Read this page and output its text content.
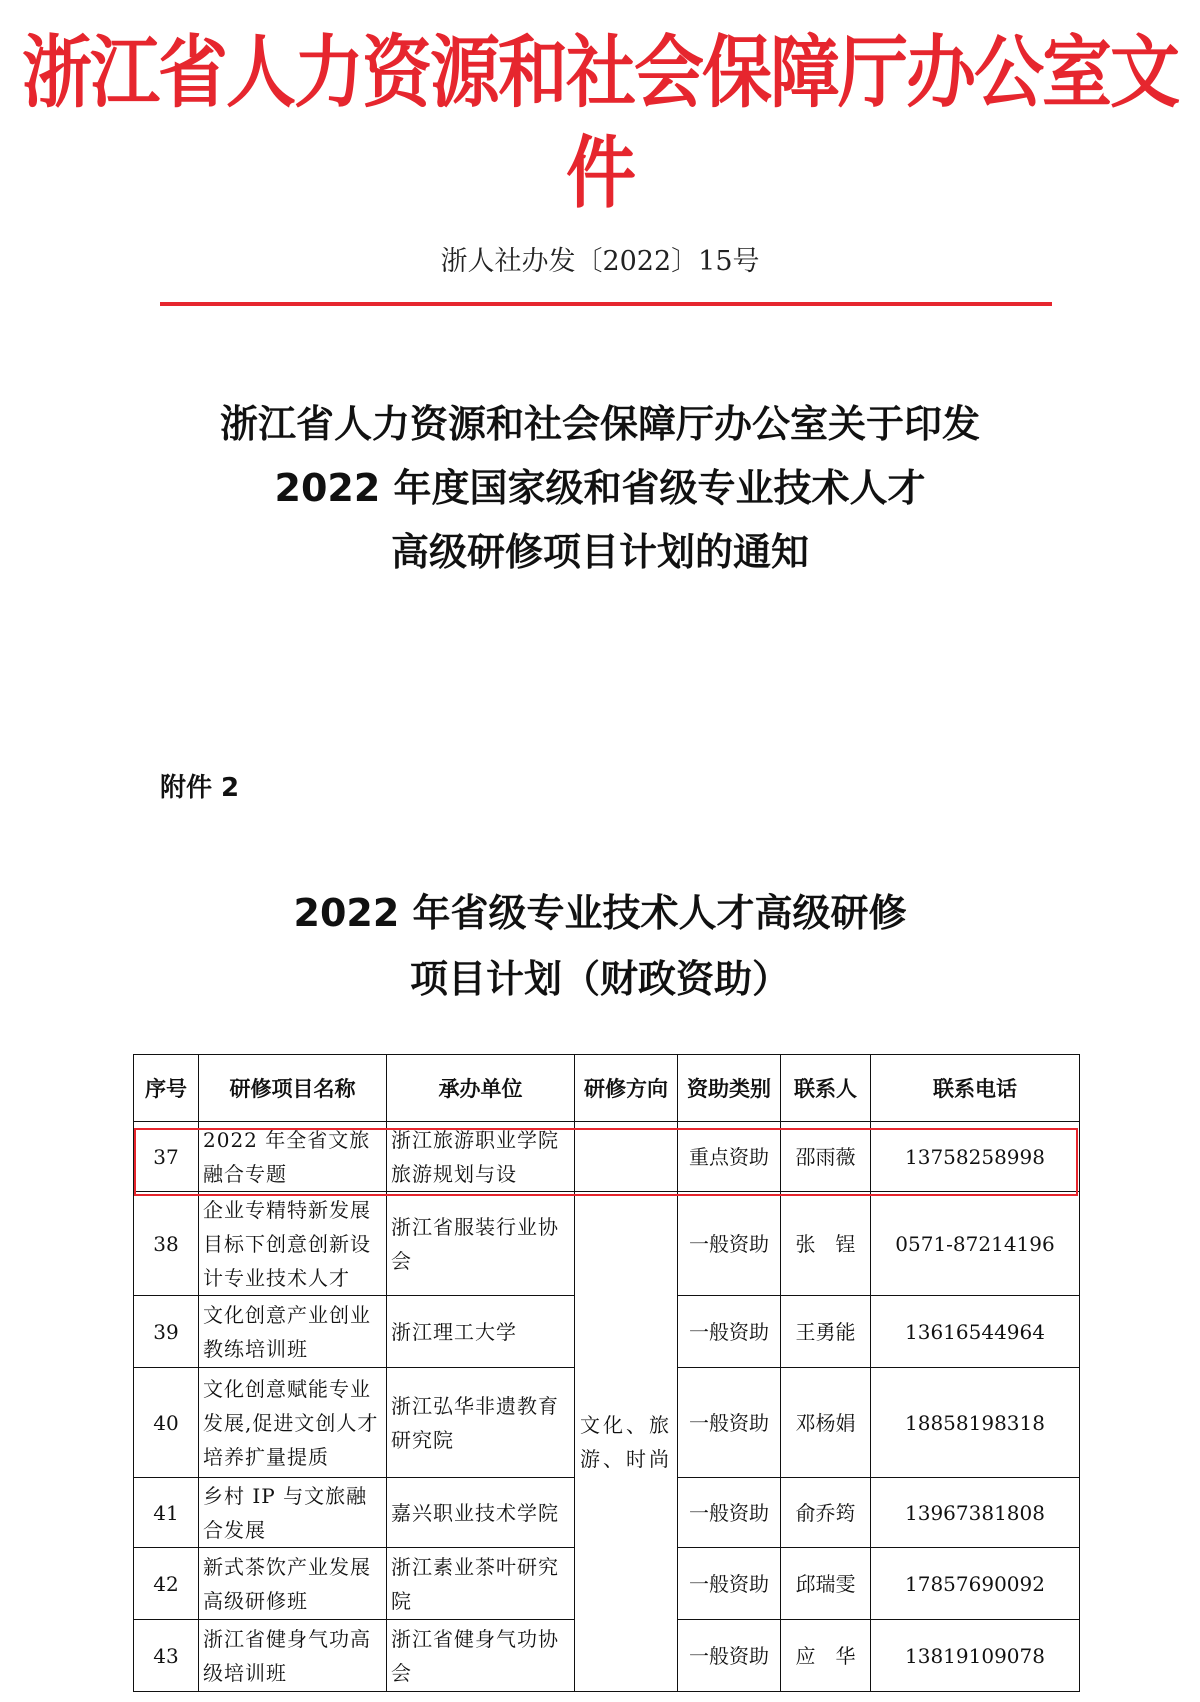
浙江省人力资源和社会保障厅办公室文件
浙人社办发〔2022〕15号
浙江省人力资源和社会保障厅办公室关于印发
2022 年度国家级和省级专业技术人才
高级研修项目计划的通知
附件 2
2022 年省级专业技术人才高级研修
项目计划（财政资助）
序号	研修项目名称	承办单位	研修方向	资助类别	联系人	联系电话
37	2022 年全省文旅融合专题	浙江旅游职业学院旅游规划与设		重点资助	邵雨薇	13758258998
38	企业专精特新发展目标下创意创新设计专业技术人才	浙江省服装行业协会	文化、旅游、时尚	一般资助	张　锃	0571-87214196
39	文化创意产业创业教练培训班	浙江理工大学		一般资助	王勇能	13616544964
40	文化创意赋能专业发展,促进文创人才培养扩量提质	浙江弘华非遗教育研究院		一般资助	邓杨娟	18858198318
41	乡村 IP 与文旅融合发展	嘉兴职业技术学院		一般资助	俞乔筠	13967381808
42	新式茶饮产业发展高级研修班	浙江素业茶叶研究院		一般资助	邱瑞雯	17857690092
43	浙江省健身气功高级培训班	浙江省健身气功协会		一般资助	应　华	13819109078
